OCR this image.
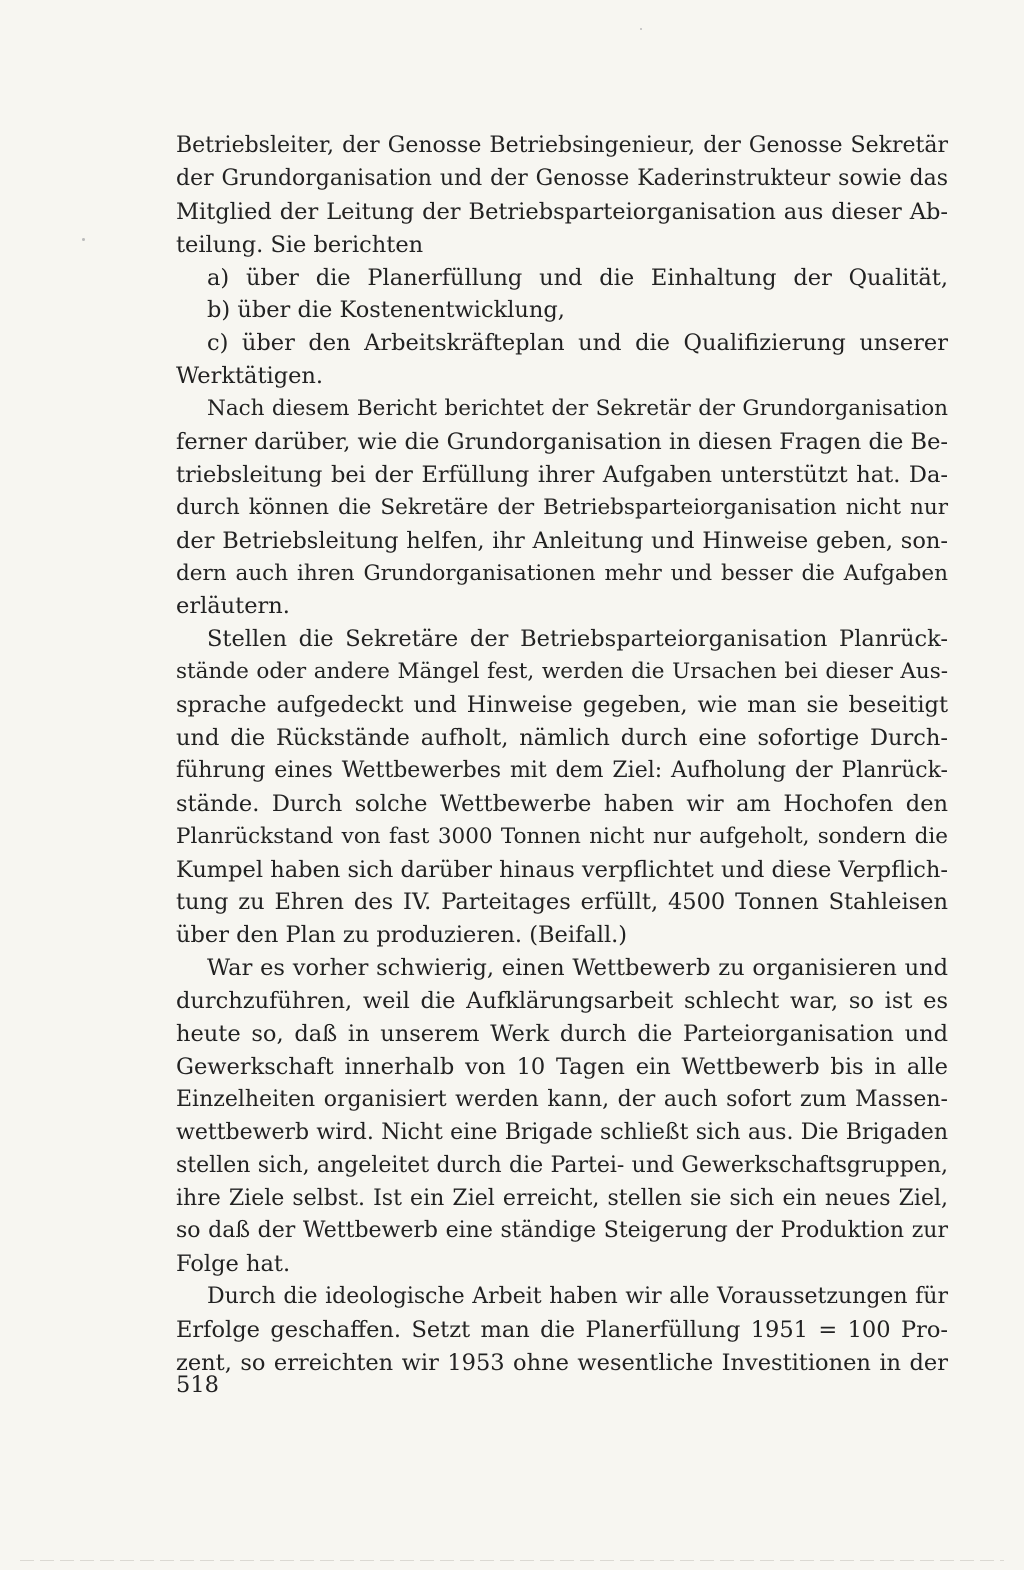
Betriebsleiter, der Genosse Betriebsingenieur, der Genosse Sekretär
der Grundorganisation und der Genosse Kaderinstrukteur sowie das
Mitglied der Leitung der Betriebsparteiorganisation aus dieser Ab-
teilung. Sie berichten
a) über die Planerfüllung und die Einhaltung der Qualität,
b) über die Kostenentwicklung,
c) über den Arbeitskräfteplan und die Qualifizierung unserer
Werktätigen.
Nach diesem Bericht berichtet der Sekretär der Grundorganisation
ferner darüber, wie die Grundorganisation in diesen Fragen die Be-
triebsleitung bei der Erfüllung ihrer Aufgaben unterstützt hat. Da-
durch können die Sekretäre der Betriebsparteiorganisation nicht nur
der Betriebsleitung helfen, ihr Anleitung und Hinweise geben, son-
dern auch ihren Grundorganisationen mehr und besser die Aufgaben
erläutern.
Stellen die Sekretäre der Betriebsparteiorganisation Planrück-
stände oder andere Mängel fest, werden die Ursachen bei dieser Aus-
sprache aufgedeckt und Hinweise gegeben, wie man sie beseitigt
und die Rückstände aufholt, nämlich durch eine sofortige Durch-
führung eines Wettbewerbes mit dem Ziel: Aufholung der Planrück-
stände. Durch solche Wettbewerbe haben wir am Hochofen den
Planrückstand von fast 3000 Tonnen nicht nur aufgeholt, sondern die
Kumpel haben sich darüber hinaus verpflichtet und diese Verpflich-
tung zu Ehren des IV. Parteitages erfüllt, 4500 Tonnen Stahleisen
über den Plan zu produzieren. (Beifall.)
War es vorher schwierig, einen Wettbewerb zu organisieren und
durchzuführen, weil die Aufklärungsarbeit schlecht war, so ist es
heute so, daß in unserem Werk durch die Parteiorganisation und
Gewerkschaft innerhalb von 10 Tagen ein Wettbewerb bis in alle
Einzelheiten organisiert werden kann, der auch sofort zum Massen-
wettbewerb wird. Nicht eine Brigade schließt sich aus. Die Brigaden
stellen sich, angeleitet durch die Partei- und Gewerkschaftsgruppen,
ihre Ziele selbst. Ist ein Ziel erreicht, stellen sie sich ein neues Ziel,
so daß der Wettbewerb eine ständige Steigerung der Produktion zur
Folge hat.
Durch die ideologische Arbeit haben wir alle Voraussetzungen für
Erfolge geschaffen. Setzt man die Planerfüllung 1951 = 100 Pro-
zent, so erreichten wir 1953 ohne wesentliche Investitionen in der
518
